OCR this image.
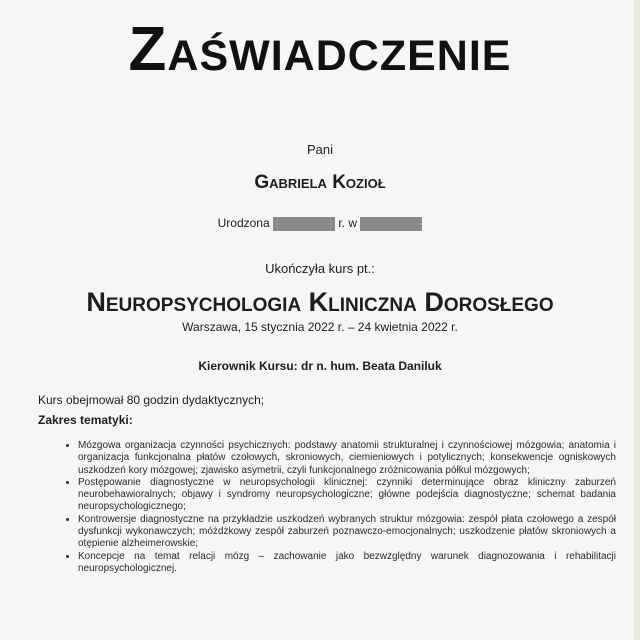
Zaświadczenie
Pani
Gabriela Kozioł
Urodzona	r. w
Ukończyła kurs pt.:
Neuropsychologia Kliniczna Dorosłego
Warszawa, 15 stycznia 2022 r. – 24 kwietnia 2022 r.
Kierownik Kursu: dr n. hum. Beata Daniluk
Kurs obejmował 80 godzin dydaktycznych;
Zakres tematyki:
• Mózgowa organizacja czynności psychicznych: podstawy anatomii strukturalnej i czynnościowej mózgowia; anatomia i organizacja funkcjonalna płatów czołowych, skroniowych, ciemieniowych i potylicznych; konsekwencje ogniskowych uszkodzeń kory mózgowej; zjawisko asymetrii, czyli funkcjonalnego zróżnicowania półkul mózgowych;
• Postępowanie diagnostyczne w neuropsychologii klinicznej: czynniki determinujące obraz kliniczny zaburzeń neurobehawioralnych; objawy i syndromy neuropsychologiczne; główne podejścia diagnostyczne; schemat badania neuropsychologicznego;
• Kontrowersje diagnostyczne na przykładzie uszkodzeń wybranych struktur mózgowia: zespół płata czołowego a zespół dysfunkcji wykonawczych; móżdżkowy zespół zaburzeń poznawczo-emocjonalnych; uszkodzenie płatów skroniowych a otępienie alzheimerowskie;
• Koncepcje na temat relacji mózg – zachowanie jako bezwzględny warunek diagnozowania i rehabilitacji neuropsychologicznej.
